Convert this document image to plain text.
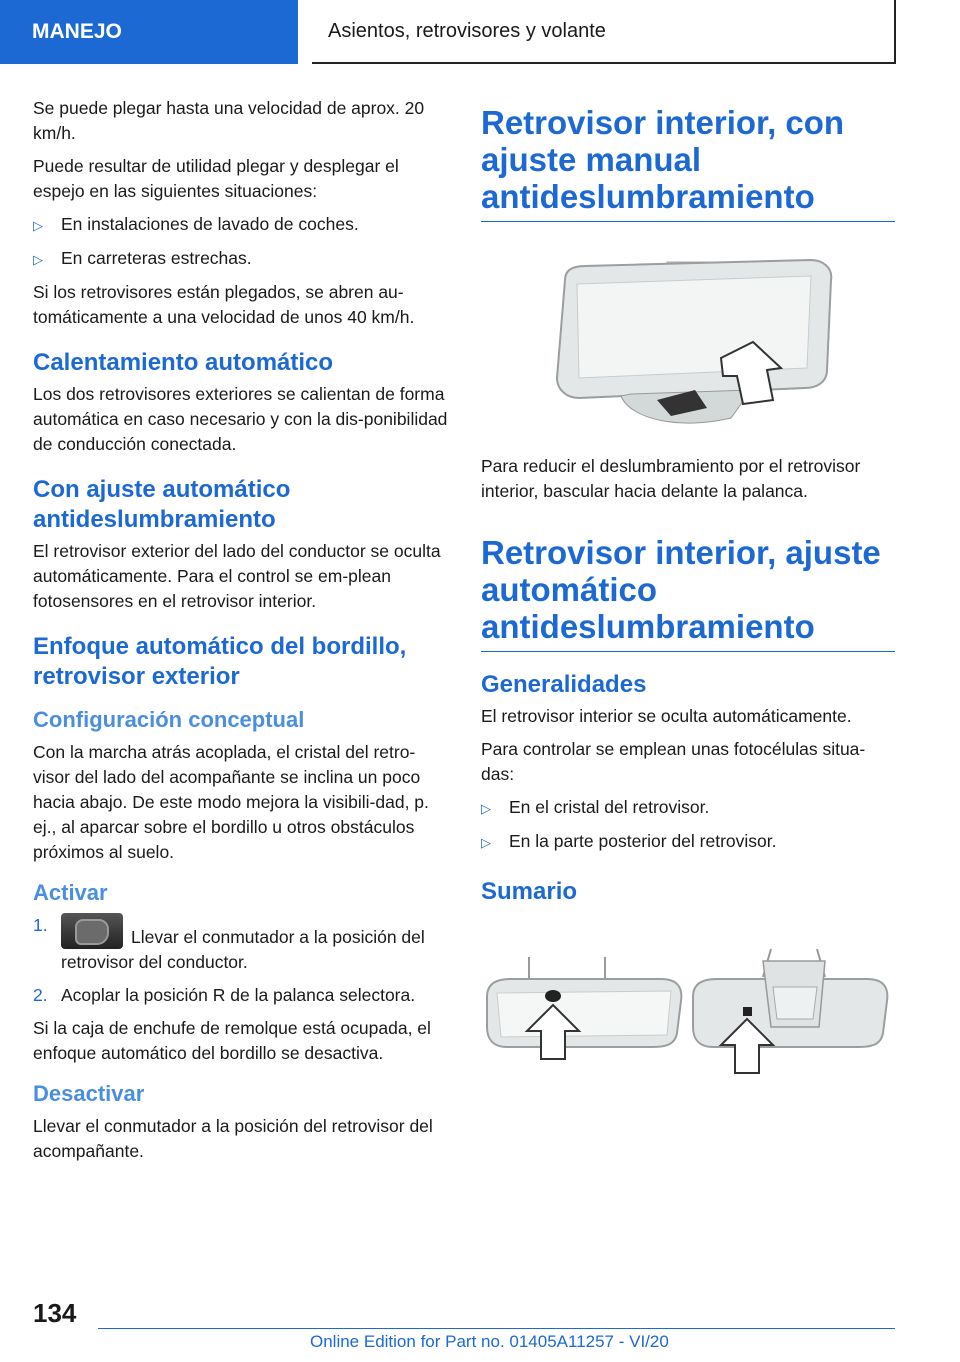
MANEJO	Asientos, retrovisores y volante

Se puede plegar hasta una velocidad de aprox. 20 km/h.

Puede resultar de utilidad plegar y desplegar el espejo en las siguientes situaciones:

▷	En instalaciones de lavado de coches.
▷	En carreteras estrechas.

Si los retrovisores están plegados, se abren au-tomáticamente a una velocidad de unos 40 km/h.

Calentamiento automático

Los dos retrovisores exteriores se calientan de forma automática en caso necesario y con la dis-ponibilidad de conducción conectada.

Con ajuste automático antideslumbramiento

El retrovisor exterior del lado del conductor se oculta automáticamente. Para el control se em-plean fotosensores en el retrovisor interior.

Enfoque automático del bordillo, retrovisor exterior
Configuración conceptual

Con la marcha atrás acoplada, el cristal del retro-visor del lado del acompañante se inclina un poco hacia abajo. De este modo mejora la visibili-dad, p. ej., al aparcar sobre el bordillo u otros obstáculos próximos al suelo.

Activar
1.
Llevar el conmutador a la posición del retrovisor del conductor.
2. Acoplar la posición R de la palanca selectora.

Si la caja de enchufe de remolque está ocupada, el enfoque automático del bordillo se desactiva.

Desactivar

Llevar el conmutador a la posición del retrovisor del acompañante.

Retrovisor interior, con ajuste manual antideslumbramiento

Para reducir el deslumbramiento por el retrovisor interior, bascular hacia delante la palanca.

Retrovisor interior, ajuste automático antideslumbramiento
Generalidades

El retrovisor interior se oculta automáticamente.

Para controlar se emplean unas fotocélulas situa-das:

▷	En el cristal del retrovisor.
▷	En la parte posterior del retrovisor.
Sumario
134
Online Edition for Part no. 01405A11257 - VI/20
